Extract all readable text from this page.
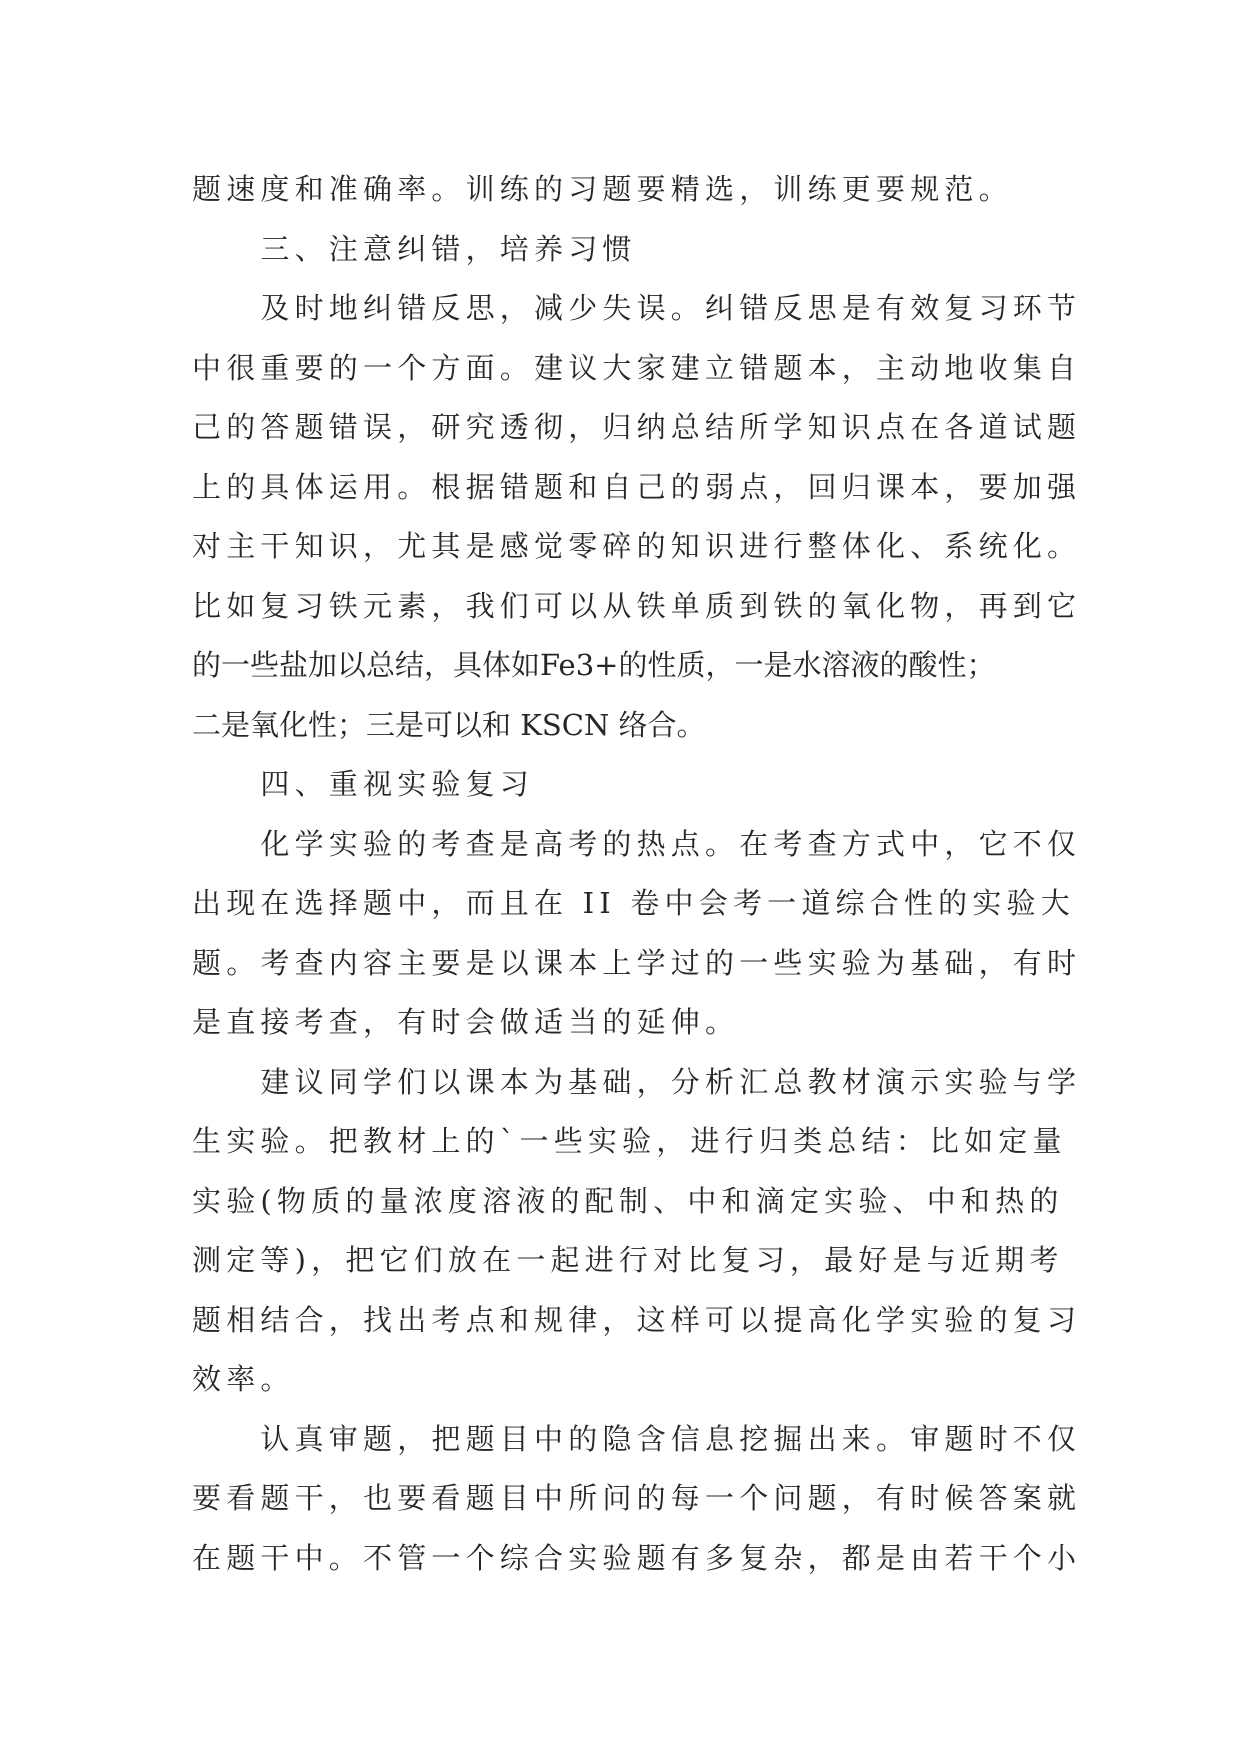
题速度和准确率。训练的习题要精选，训练更要规范。
　　三、注意纠错，培养习惯
　　及时地纠错反思，减少失误。纠错反思是有效复习环节
中很重要的一个方面。建议大家建立错题本，主动地收集自
己的答题错误，研究透彻，归纳总结所学知识点在各道试题
上的具体运用。根据错题和自己的弱点，回归课本，要加强
对主干知识，尤其是感觉零碎的知识进行整体化、系统化。
比如复习铁元素，我们可以从铁单质到铁的氧化物，再到它
的一些盐加以总结，具体如Fe3+的性质，一是水溶液的酸性；
二是氧化性；三是可以和 KSCN 络合。
　　四、重视实验复习
　　化学实验的考查是高考的热点。在考查方式中，它不仅
出现在选择题中，而且在 II 卷中会考一道综合性的实验大
题。考查内容主要是以课本上学过的一些实验为基础，有时
是直接考查，有时会做适当的延伸。
　　建议同学们以课本为基础，分析汇总教材演示实验与学
生实验。把教材上的`一些实验，进行归类总结：比如定量
实验(物质的量浓度溶液的配制、中和滴定实验、中和热的
测定等)，把它们放在一起进行对比复习，最好是与近期考
题相结合，找出考点和规律，这样可以提高化学实验的复习
效率。
　　认真审题，把题目中的隐含信息挖掘出来。审题时不仅
要看题干，也要看题目中所问的每一个问题，有时候答案就
在题干中。不管一个综合实验题有多复杂，都是由若干个小
